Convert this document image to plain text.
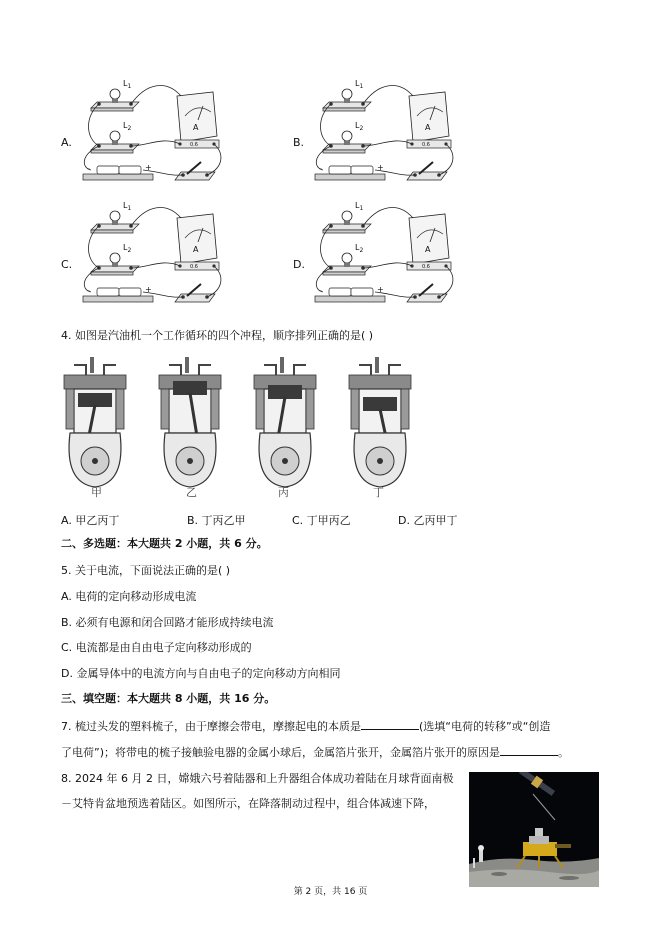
A.
$L_1$
$L_2$	A
0.6
-	+
B.
$L_1$
$L_2$	A
0.6
-	+
C.
$L_1$
$L_2$	A
0.6
-	+
D.
$L_1$
$L_2$	A
0.6
-	+
4. 如图是汽油机一个工作循环的四个冲程，顺序排列正确的是( )
甲	乙	丙	丁
A. 甲乙丙丁	B. 丁丙乙甲	C. 丁甲丙乙	D. 乙丙甲丁
二、多选题：本大题共 2 小题，共 6 分。
5. 关于电流，下面说法正确的是( )
A. 电荷的定向移动形成电流
B. 必须有电源和闭合回路才能形成持续电流
C. 电流都是由自由电子定向移动形成的
D. 金属导体中的电流方向与自由电子的定向移动方向相同
三、填空题：本大题共 8 小题，共 16 分。
7. 梳过头发的塑料梳子，由于摩擦会带电，摩擦起电的本质是	(选填“电荷的转移”或“创造
了电荷”)；将带电的梳子接触验电器的金属小球后，金属箔片张开，金属箔片张开的原因是	。
8. 2024 年 6 月 2 日，嫦娥六号着陆器和上升器组合体成功着陆在月球背面南极
－艾特肯盆地预选着陆区。如图所示，在降落制动过程中，组合体减速下降，
第 2 页，共 16 页
